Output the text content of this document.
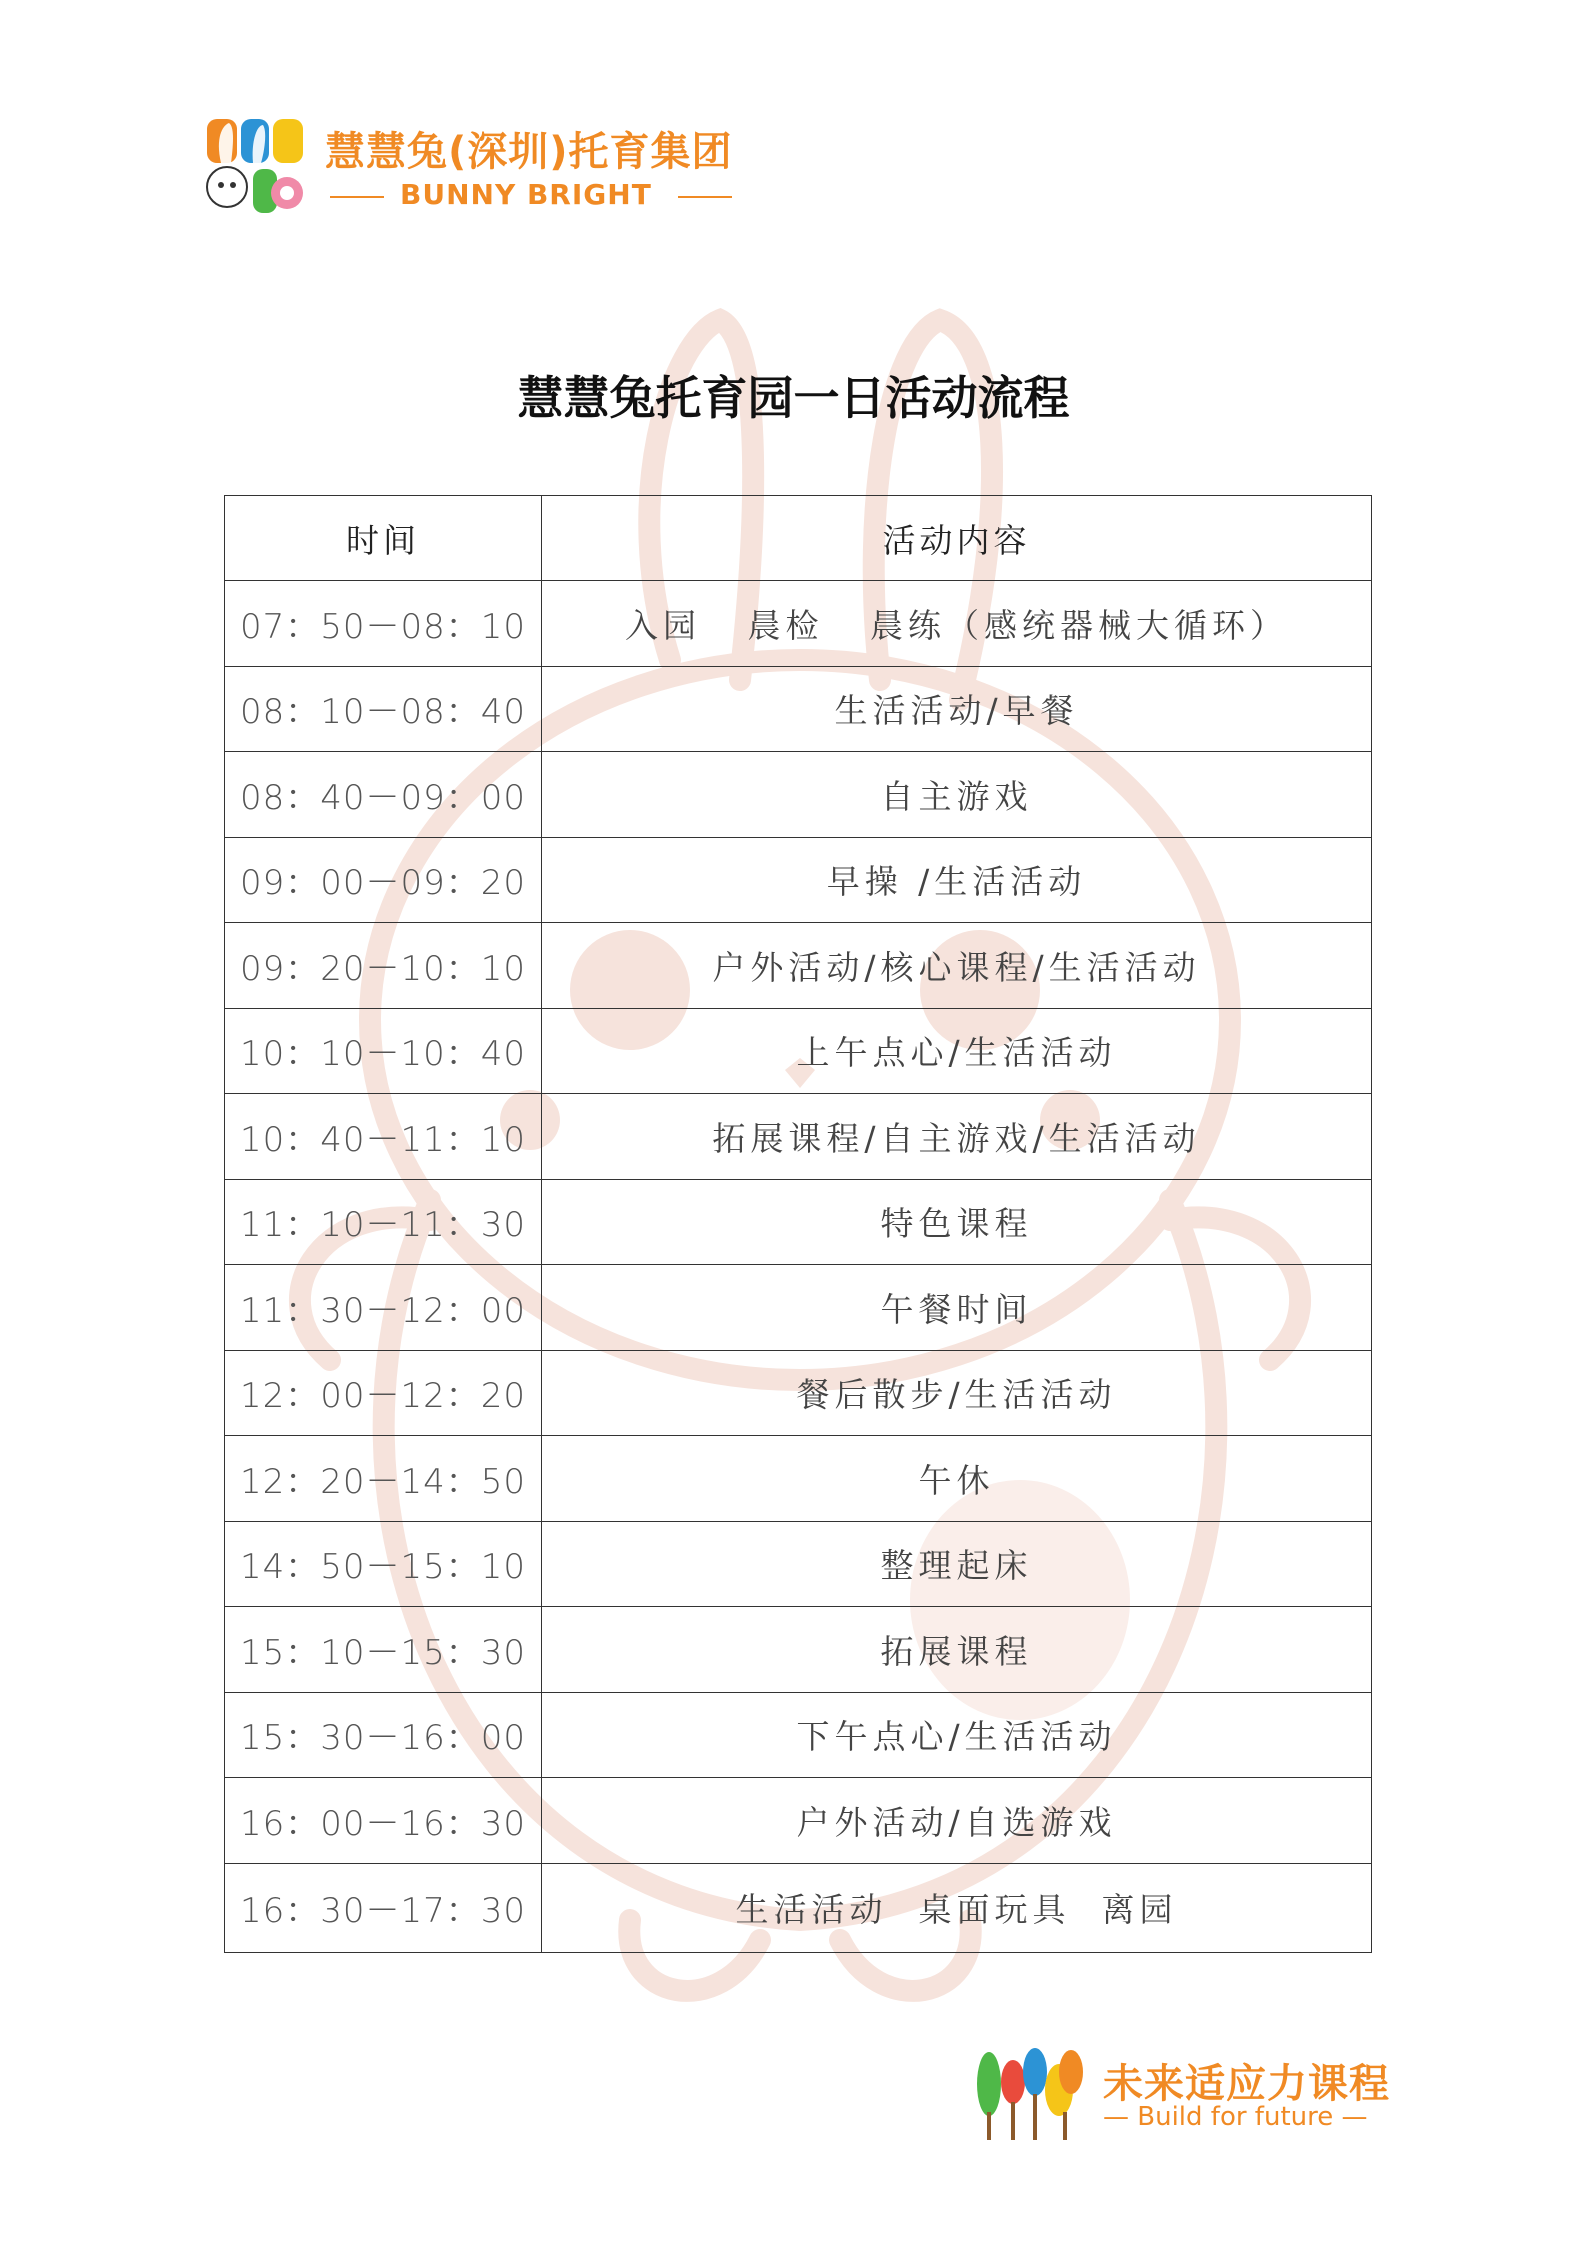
慧慧兔(深圳)托育集团
BUNNY BRIGHT
慧慧兔托育园一日活动流程
时间	活动内容
07：50－08：10	入园   晨检   晨练（感统器械大循环）
08：10－08：40	生活活动/早餐
08：40－09：00	自主游戏
09：00－09：20	早操 /生活活动
09：20－10：10	户外活动/核心课程/生活活动
10：10－10：40	上午点心/生活活动
10：40－11：10	拓展课程/自主游戏/生活活动
11：10－11：30	特色课程
11：30－12：00	午餐时间
12：00－12：20	餐后散步/生活活动
12：20－14：50	午休
14：50－15：10	整理起床
15：10－15：30	拓展课程
15：30－16：00	下午点心/生活活动
16：00－16：30	户外活动/自选游戏
16：30－17：30	生活活动  桌面玩具  离园
未来适应力课程
— Build for future —
